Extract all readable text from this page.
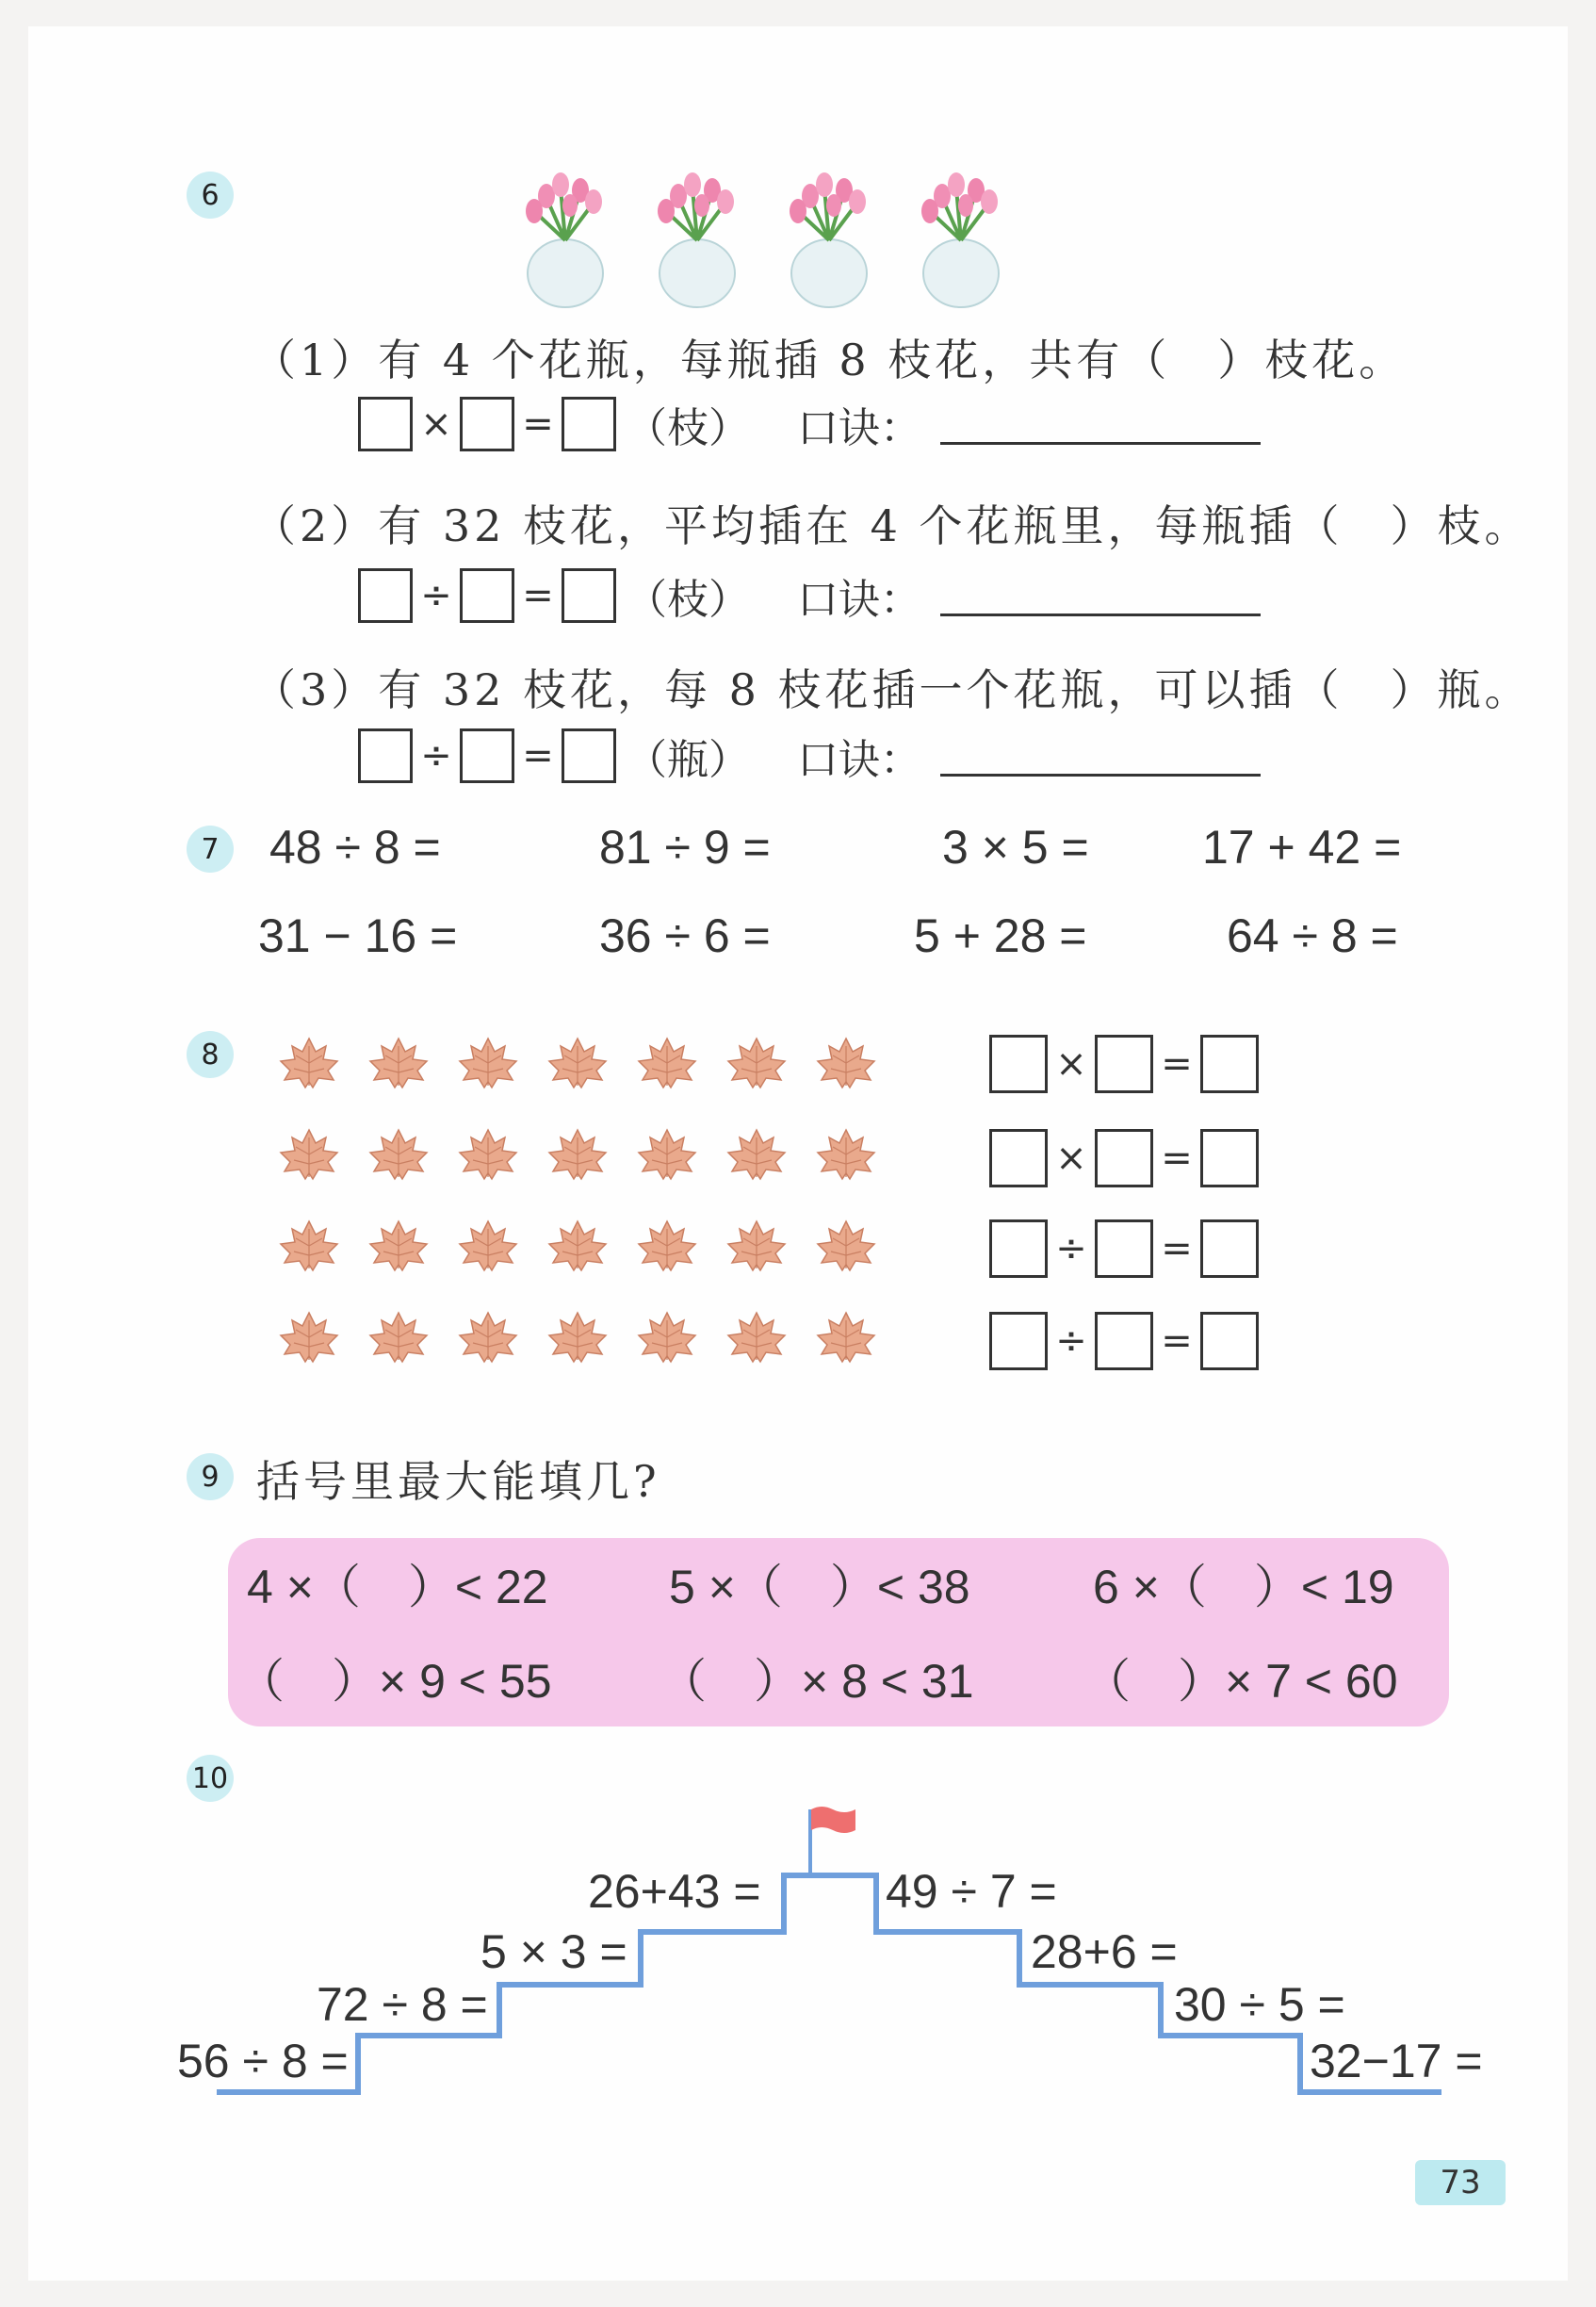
6
（1）有 4 个花瓶，每瓶插 8 枝花，共有（　）枝花。
× = （枝） 口诀：
（2）有 32 枝花，平均插在 4 个花瓶里，每瓶插（　）枝。
÷ = （枝） 口诀：
（3）有 32 枝花，每 8 枝花插一个花瓶，可以插（　）瓶。
÷ = （瓶） 口诀：
7	48 ÷ 8 =	81 ÷ 9 =	3 × 5 = 17 + 42 =
31 − 16 =	36 ÷ 6 =	5 + 28 =	64 ÷ 8 =
8	× =
× =
÷ =
÷ =
9 括号里最大能填几?
4 ×（　）< 22	5 ×（　）< 38	6 ×（　）< 19
（　）× 9 < 55 （　）× 8 < 31 （　）× 7 < 60
10
56 ÷ 8 =
72 ÷ 8 =
5 × 3 =
26+43 =	49 ÷ 7 =
28+6 =
30 ÷ 5 =
32−17 =
73
